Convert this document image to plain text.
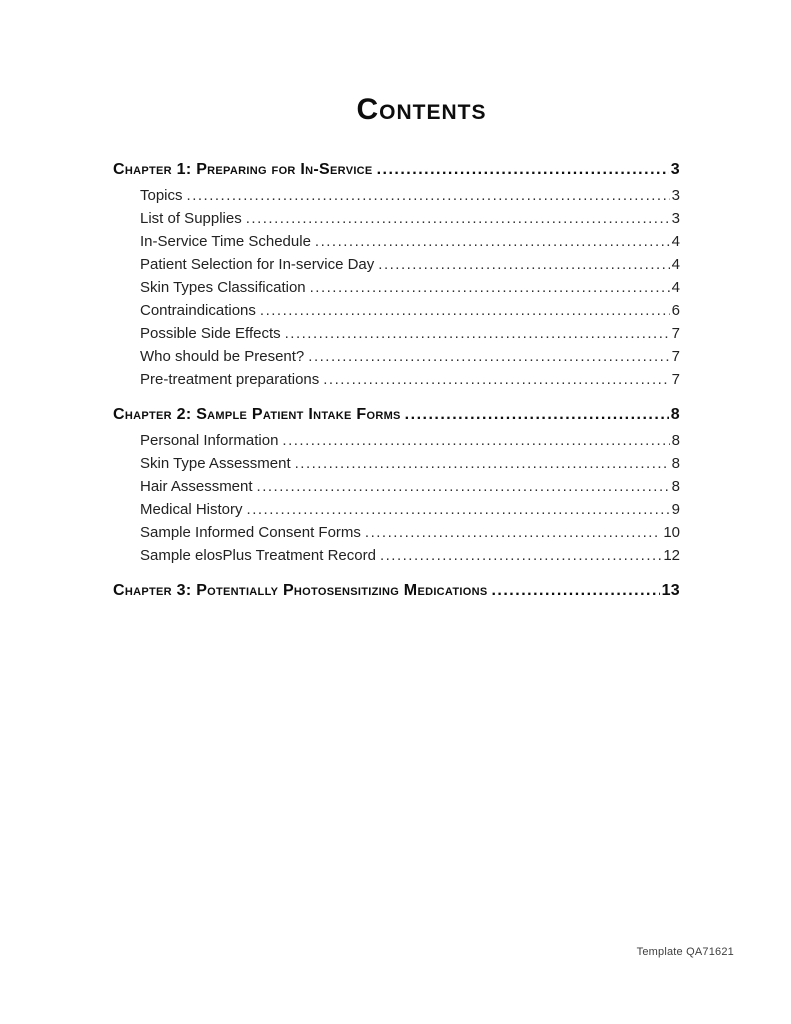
Contents
Chapter 1: Preparing for In-Service .....	3
Topics .....	3
List of Supplies .....	3
In-Service Time Schedule .....	4
Patient Selection for In-service Day .....	4
Skin Types Classification .....	4
Contraindications .....	6
Possible Side Effects .....	7
Who should be Present? .....	7
Pre-treatment preparations .....	7
Chapter 2: Sample Patient Intake Forms .....	8
Personal Information .....	8
Skin Type Assessment .....	8
Hair Assessment .....	8
Medical History .....	9
Sample Informed Consent Forms .....	10
Sample elosPlus Treatment Record .....	12
Chapter 3: Potentially Photosensitizing Medications .....	13
Template QA71621
